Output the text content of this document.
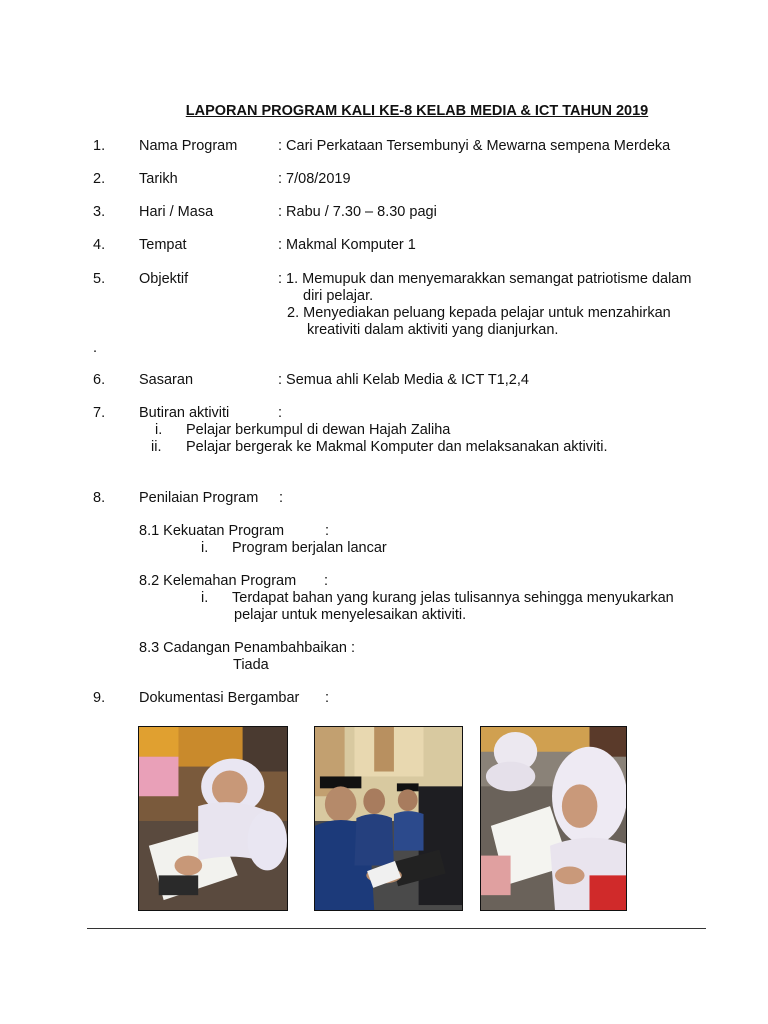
LAPORAN PROGRAM KALI KE-8 KELAB MEDIA & ICT TAHUN 2019
1. Nama Program	: Cari Perkataan Tersembunyi & Mewarna sempena Merdeka
2. Tarikh	: 7/08/2019
3. Hari / Masa	: Rabu / 7.30 – 8.30 pagi
4. Tempat	: Makmal Komputer 1
5. Objektif	: 1. Memupuk dan menyemarakkan semangat patriotisme dalam
diri pelajar.
2. Menyediakan peluang kepada pelajar untuk menzahirkan
kreativiti dalam aktiviti yang dianjurkan.
.
6. Sasaran	: Semua ahli Kelab Media & ICT T1,2,4
7. Butiran aktiviti	:
i. Pelajar berkumpul di dewan Hajah Zaliha
ii. Pelajar bergerak ke Makmal Komputer dan melaksanakan aktiviti.
8. Penilaian Program :
8.1 Kekuatan Program	:
i. Program berjalan lancar
8.2 Kelemahan Program :
i. Terdapat bahan yang kurang jelas tulisannya sehingga menyukarkan
pelajar untuk menyelesaikan aktiviti.
8.3 Cadangan Penambahbaikan :
Tiada
9. Dokumentasi Bergambar :
